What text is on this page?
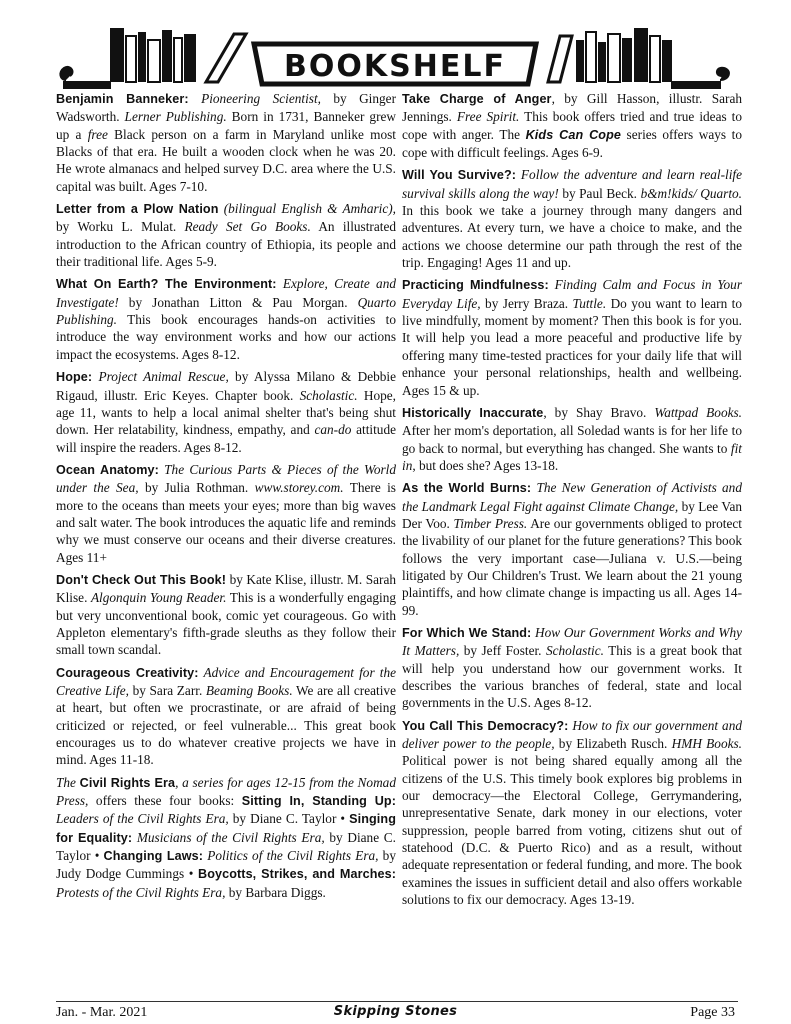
BOOKSHELF
Benjamin Banneker: Pioneering Scientist, by Ginger Wadsworth. Lerner Publishing. Born in 1731, Banneker grew up a free Black person on a farm in Maryland unlike most Blacks of that era. He built a wooden clock when he was 20. He wrote almanacs and helped survey D.C. area where the U.S. capital was built. Ages 7-10.
Letter from a Plow Nation (bilingual English & Amharic), by Worku L. Mulat. Ready Set Go Books. An illustrated introduction to the African country of Ethiopia, its people and their traditional life. Ages 5-9.
What On Earth? The Environment: Explore, Create and Investigate! by Jonathan Litton & Pau Morgan. Quarto Publishing. This book encourages hands-on activities to introduce the way environment works and how our actions impact the ecosystems. Ages 8-12.
Hope: Project Animal Rescue, by Alyssa Milano & Debbie Rigaud, illustr. Eric Keyes. Chapter book. Scholastic. Hope, age 11, wants to help a local animal shelter that's being shut down. Her relatability, kindness, empathy, and can-do attitude will inspire the readers. Ages 8-12.
Ocean Anatomy: The Curious Parts & Pieces of the World under the Sea, by Julia Rothman. www.storey.com. There is more to the oceans than meets your eyes; more than big waves and salt water. The book introduces the aquatic life and reminds why we must conserve our oceans and their diverse creatures. Ages 11+
Don't Check Out This Book! by Kate Klise, illustr. M. Sarah Klise. Algonquin Young Reader. This is a wonderfully engaging but very unconventional book, comic yet courageous. Go with Appleton elementary's fifth-grade sleuths as they follow their small town scandal.
Courageous Creativity: Advice and Encouragement for the Creative Life, by Sara Zarr. Beaming Books. We are all creative at heart, but often we procrastinate, or are afraid of being criticized or rejected, or feel vulnerable... This great book encourages us to do whatever creative projects we have in mind. Ages 11-18.
The Civil Rights Era, a series for ages 12-15 from the Nomad Press, offers these four books: Sitting In, Standing Up: Leaders of the Civil Rights Era, by Diane C. Taylor • Singing for Equality: Musicians of the Civil Rights Era, by Diane C. Taylor • Changing Laws: Politics of the Civil Rights Era, by Judy Dodge Cummings • Boycotts, Strikes, and Marches: Protests of the Civil Rights Era, by Barbara Diggs.
Take Charge of Anger, by Gill Hasson, illustr. Sarah Jennings. Free Spirit. This book offers tried and true ideas to cope with anger. The Kids Can Cope series offers ways to cope with difficult feelings. Ages 6-9.
Will You Survive?: Follow the adventure and learn real-life survival skills along the way! by Paul Beck. b&m!kids/ Quarto. In this book we take a journey through many dangers and adventures. At every turn, we have a choice to make, and the actions we choose determine our path through the rest of the trip. Engaging! Ages 11 and up.
Practicing Mindfulness: Finding Calm and Focus in Your Everyday Life, by Jerry Braza. Tuttle. Do you want to learn to live mindfully, moment by moment? Then this book is for you. It will help you lead a more peaceful and productive life by offering many time-tested practices for your daily life that will enhance your personal relationships, health and wellbeing. Ages 15 & up.
Historically Inaccurate, by Shay Bravo. Wattpad Books. After her mom's deportation, all Soledad wants is for her life to go back to normal, but everything has changed. She wants to fit in, but does she? Ages 13-18.
As the World Burns: The New Generation of Activists and the Landmark Legal Fight against Climate Change, by Lee Van Der Voo. Timber Press. Are our governments obliged to protect the livability of our planet for the future generations? This book follows the very important case—Juliana v. U.S.—being litigated by Our Children's Trust. We learn about the 21 young plaintiffs, and how climate change is impacting us all. Ages 14-99.
For Which We Stand: How Our Government Works and Why It Matters, by Jeff Foster. Scholastic. This is a great book that will help you understand how our government works. It describes the various branches of federal, state and local governments in the U.S. Ages 8-12.
You Call This Democracy?: How to fix our government and deliver power to the people, by Elizabeth Rusch. HMH Books. Political power is not being shared equally among all the citizens of the U.S. This timely book explores big problems in our democracy—the Electoral College, Gerrymandering, unrepresentative Senate, dark money in our elections, voter suppression, people barred from voting, citizens shut out of statehood (D.C. & Puerto Rico) and as a result, without adequate representation or federal funding, and more. The book examines the issues in sufficient detail and also offers workable solutions to fix our democracy. Ages 13-19.
Jan. - Mar. 2021	Skipping Stones	Page 33
